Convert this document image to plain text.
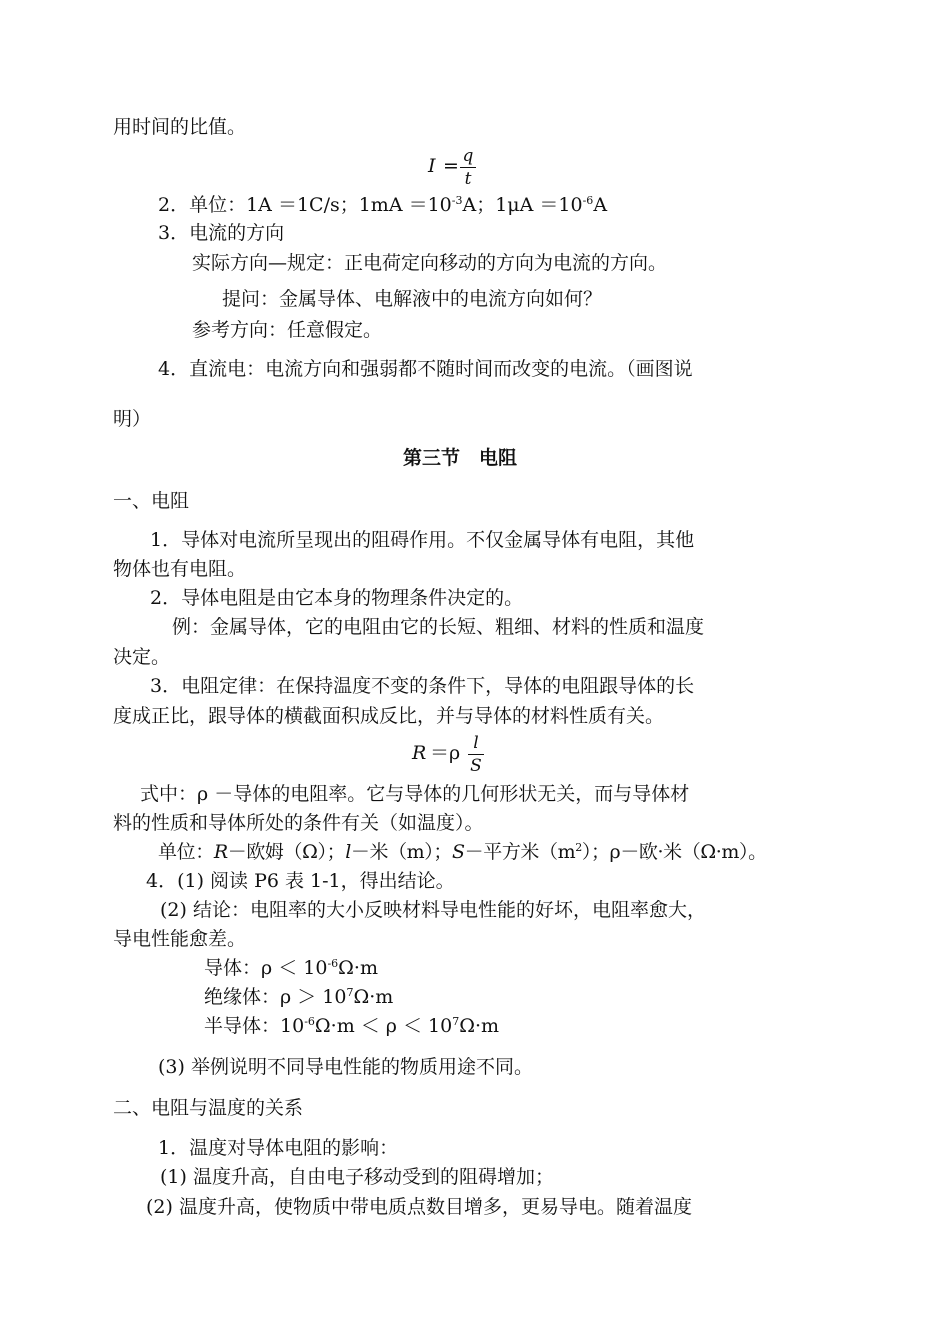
用时间的比值。
I = q
t
2．单位：1A ＝1C/s；$1mA =10^{-3}A$；$1\mu A =10^{-6}A$
3．电流的方向
实际方向—规定：正电荷定向移动的方向为电流的方向。
提问：金属导体、电解液中的电流方向如何？
参考方向：任意假定。
4．直流电：电流方向和强弱都不随时间而改变的电流。（画图说
明）
第三节　电阻
一、电阻
1．导体对电流所呈现出的阻碍作用。不仅金属导体有电阻，其他
物体也有电阻。
2．导体电阻是由它本身的物理条件决定的。
例：金属导体，它的电阻由它的长短、粗细、材料的性质和温度
决定。
3．电阻定律：在保持温度不变的条件下，导体的电阻跟导体的长
度成正比，跟导体的横截面积成反比，并与导体的材料性质有关。
R ＝ρ l
S
式中：ρ －导体的电阻率。它与导体的几何形状无关，而与导体材
料的性质和导体所处的条件有关（如温度）。
单位：R－欧姆（Ω）；l－米（m）；S－平方米$(m^2)$；ρ－欧·米（Ω·m）。
4．(1) 阅读 P6 表 1-1，得出结论。
(2) 结论：电阻率的大小反映材料导电性能的好坏，电阻率愈大，
导电性能愈差。
导体：$\rho < 10^{-6}\Omega\cdot m$
绝缘体：$\rho > 10^7\Omega\cdot m$
半导体：$10^{-6}\Omega\cdot m < \rho < 10^7\Omega\cdot m$
(3) 举例说明不同导电性能的物质用途不同。
二、电阻与温度的关系
1．温度对导体电阻的影响：
(1) 温度升高，自由电子移动受到的阻碍增加；
(2) 温度升高，使物质中带电质点数目增多，更易导电。随着温度
